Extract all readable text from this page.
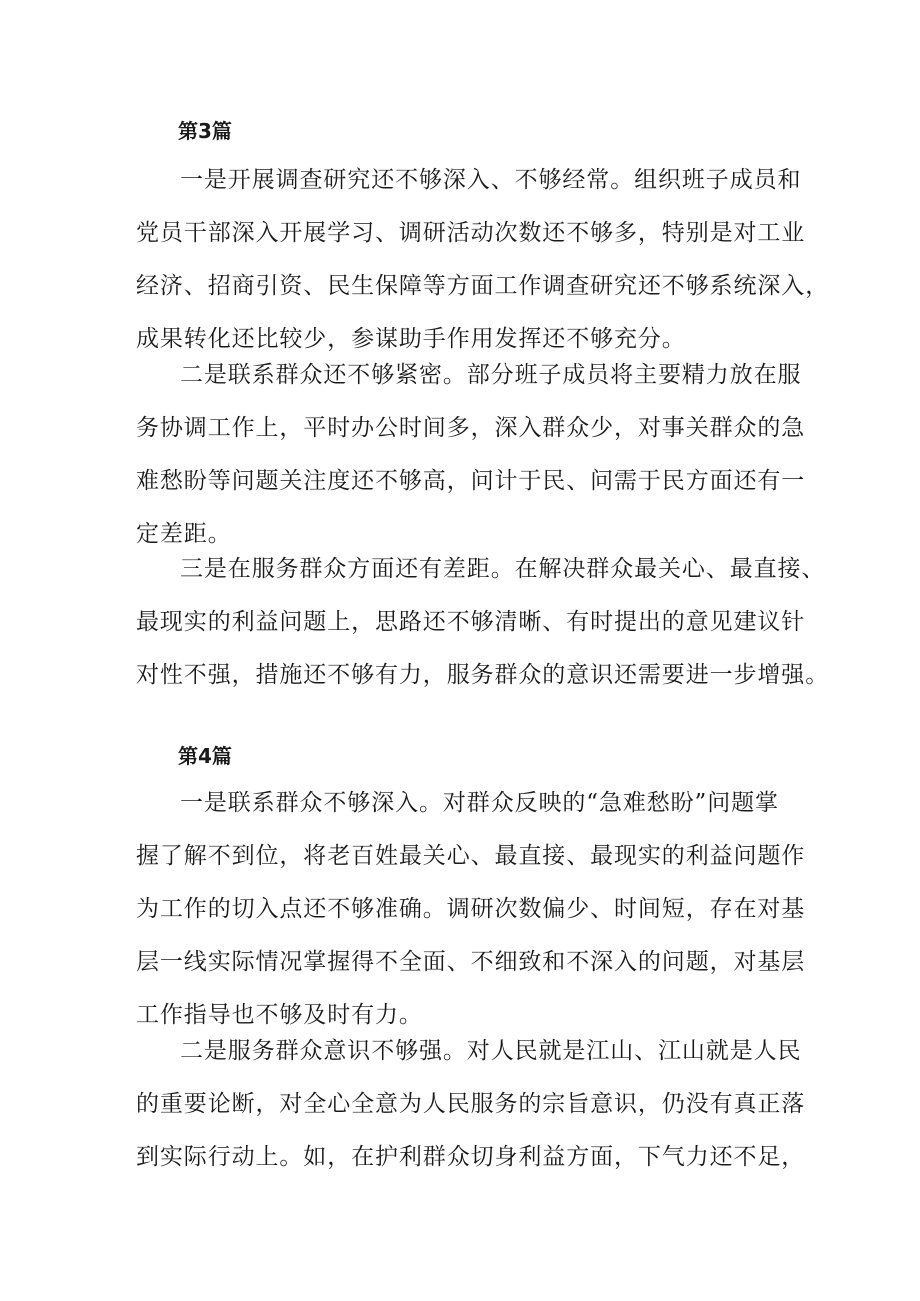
第3篇

一是开展调查研究还不够深入、不够经常。组织班子成员和
党员干部深入开展学习、调研活动次数还不够多，特别是对工业
经济、招商引资、民生保障等方面工作调查研究还不够系统深入，
成果转化还比较少，参谋助手作用发挥还不够充分。

二是联系群众还不够紧密。部分班子成员将主要精力放在服
务协调工作上，平时办公时间多，深入群众少，对事关群众的急
难愁盼等问题关注度还不够高，问计于民、问需于民方面还有一
定差距。

三是在服务群众方面还有差距。在解决群众最关心、最直接、
最现实的利益问题上，思路还不够清晰、有时提出的意见建议针
对性不强，措施还不够有力，服务群众的意识还需要进一步增强。

第4篇

一是联系群众不够深入。对群众反映的“急难愁盼”问题掌
握了解不到位，将老百姓最关心、最直接、最现实的利益问题作
为工作的切入点还不够准确。调研次数偏少、时间短，存在对基
层一线实际情况掌握得不全面、不细致和不深入的问题，对基层
工作指导也不够及时有力。

二是服务群众意识不够强。对人民就是江山、江山就是人民
的重要论断，对全心全意为人民服务的宗旨意识，仍没有真正落
到实际行动上。如，在护利群众切身利益方面，下气力还不足，
